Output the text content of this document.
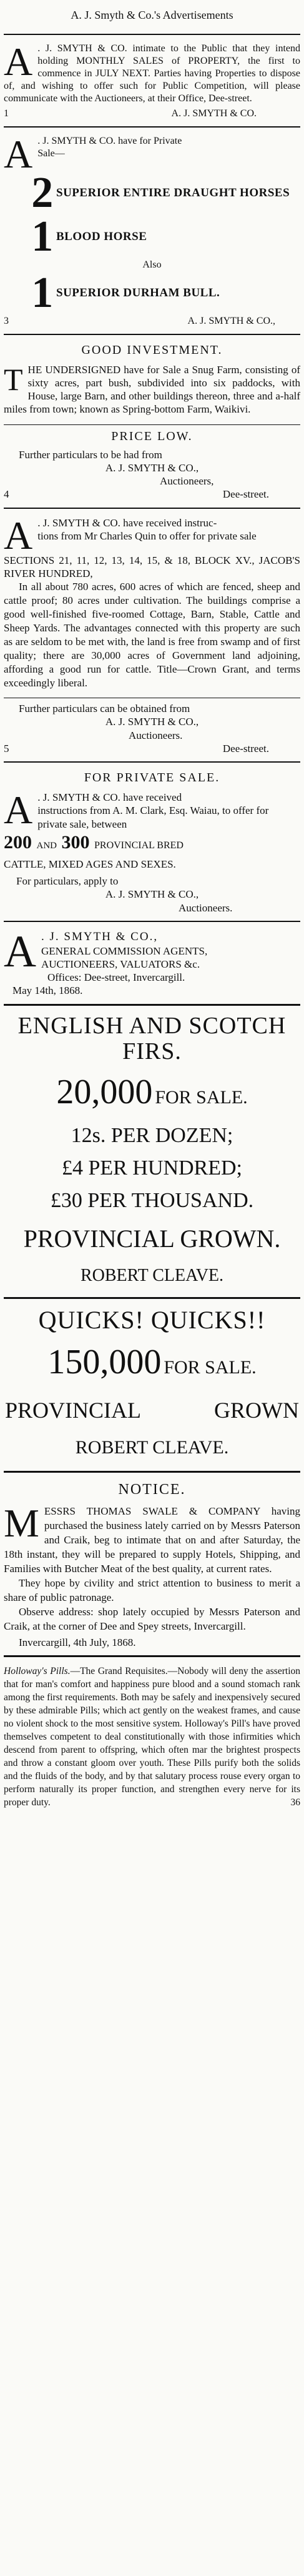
A. J. Smyth & Co.'s Advertisements
A . J. SMYTH & CO. intimate to the Public that they intend holding MONTHLY SALES of PROPERTY, the first to commence in JULY NEXT. Parties having Properties to dispose of, and wishing to offer such for Public Competition, will please communicate with the Auctioneers, at their Office, Dee-street.

1	A. J. SMYTH & CO.
A . J. SMYTH & CO. have for Private

Sale—

2 SUPERIOR ENTIRE DRAUGHT HORSES
1 BLOOD HORSE
Also
1 SUPERIOR DURHAM BULL.
3	A. J. SMYTH & CO.,
GOOD INVESTMENT.
T HE UNDERSIGNED have for Sale a Snug Farm, consisting of sixty acres, part bush, subdivided into six paddocks, with House, large Barn, and other buildings thereon, three and a-half miles from town; known as Spring-bottom Farm, Waikivi.
PRICE LOW.

Further particulars to be had from

A. J. SMYTH & CO.,

Auctioneers,

4	Dee-street.
A . J. SMYTH & CO. have received instruc-

tions from Mr Charles Quin to offer for private sale

SECTIONS 21, 11, 12, 13, 14, 15, & 18, BLOCK XV., JACOB'S RIVER HUNDRED,

In all about 780 acres, 600 acres of which are fenced, sheep and cattle proof; 80 acres under cultivation. The buildings comprise a good well-finished five-roomed Cottage, Barn, Stable, Cattle and Sheep Yards. The advantages connected with this property are such as are seldom to be met with, the land is free from swamp and of first quality; there are 30,000 acres of Government land adjoining, affording a good run for cattle. Title—Crown Grant, and terms exceedingly liberal.

Further particulars can be obtained from

A. J. SMYTH & CO.,

Auctioneers.

5	Dee-street.
FOR PRIVATE SALE.
A . J. SMYTH & CO. have received

instructions from A. M. Clark, Esq. Waiau, to offer for private sale, between

200 AND 300 PROVINCIAL BRED

CATTLE, MIXED AGES AND SEXES.

For particulars, apply to

A. J. SMYTH & CO.,

Auctioneers.

A . J. SMYTH & CO.,

GENERAL COMMISSION AGENTS,

AUCTIONEERS, VALUATORS &c.

Offices: Dee-street, Invercargill.

May 14th, 1868.

ENGLISH AND SCOTCH
FIRS.
20,000 FOR SALE.
12s. PER DOZEN;
£4 PER HUNDRED;
£30 PER THOUSAND.
PROVINCIAL GROWN.
ROBERT CLEAVE.
QUICKS! QUICKS!!
150,000 FOR SALE.
PROVINCIAL	GROWN
ROBERT CLEAVE.
NOTICE.
M ESSRS THOMAS SWALE & COMPANY having purchased the business lately carried on by Messrs Paterson and Craik, beg to intimate that on and after Saturday, the 18th instant, they will be prepared to supply Hotels, Shipping, and Families with Butcher Meat of the best quality, at current rates.

They hope by civility and strict attention to business to merit a share of public patronage.

Observe address: shop lately occupied by Messrs Paterson and Craik, at the corner of Dee and Spey streets, Invercargill.

Invercargill, 4th July, 1868.

Holloway's Pills.—The Grand Requisites.—Nobody will deny the assertion that for man's comfort and happiness pure blood and a sound stomach rank among the first requirements. Both may be safely and inexpensively secured by these admirable Pills; which act gently on the weakest frames, and cause no violent shock to the most sensitive system. Holloway's Pill's have proved themselves competent to deal constitutionally with those infirmities which descend from parent to offspring, which often mar the brightest prospects and throw a constant gloom over youth. These Pills purify both the solids and the fluids of the body, and by that salutary process rouse every organ to perform naturally its proper function, and strengthen every nerve for its proper duty.	36
